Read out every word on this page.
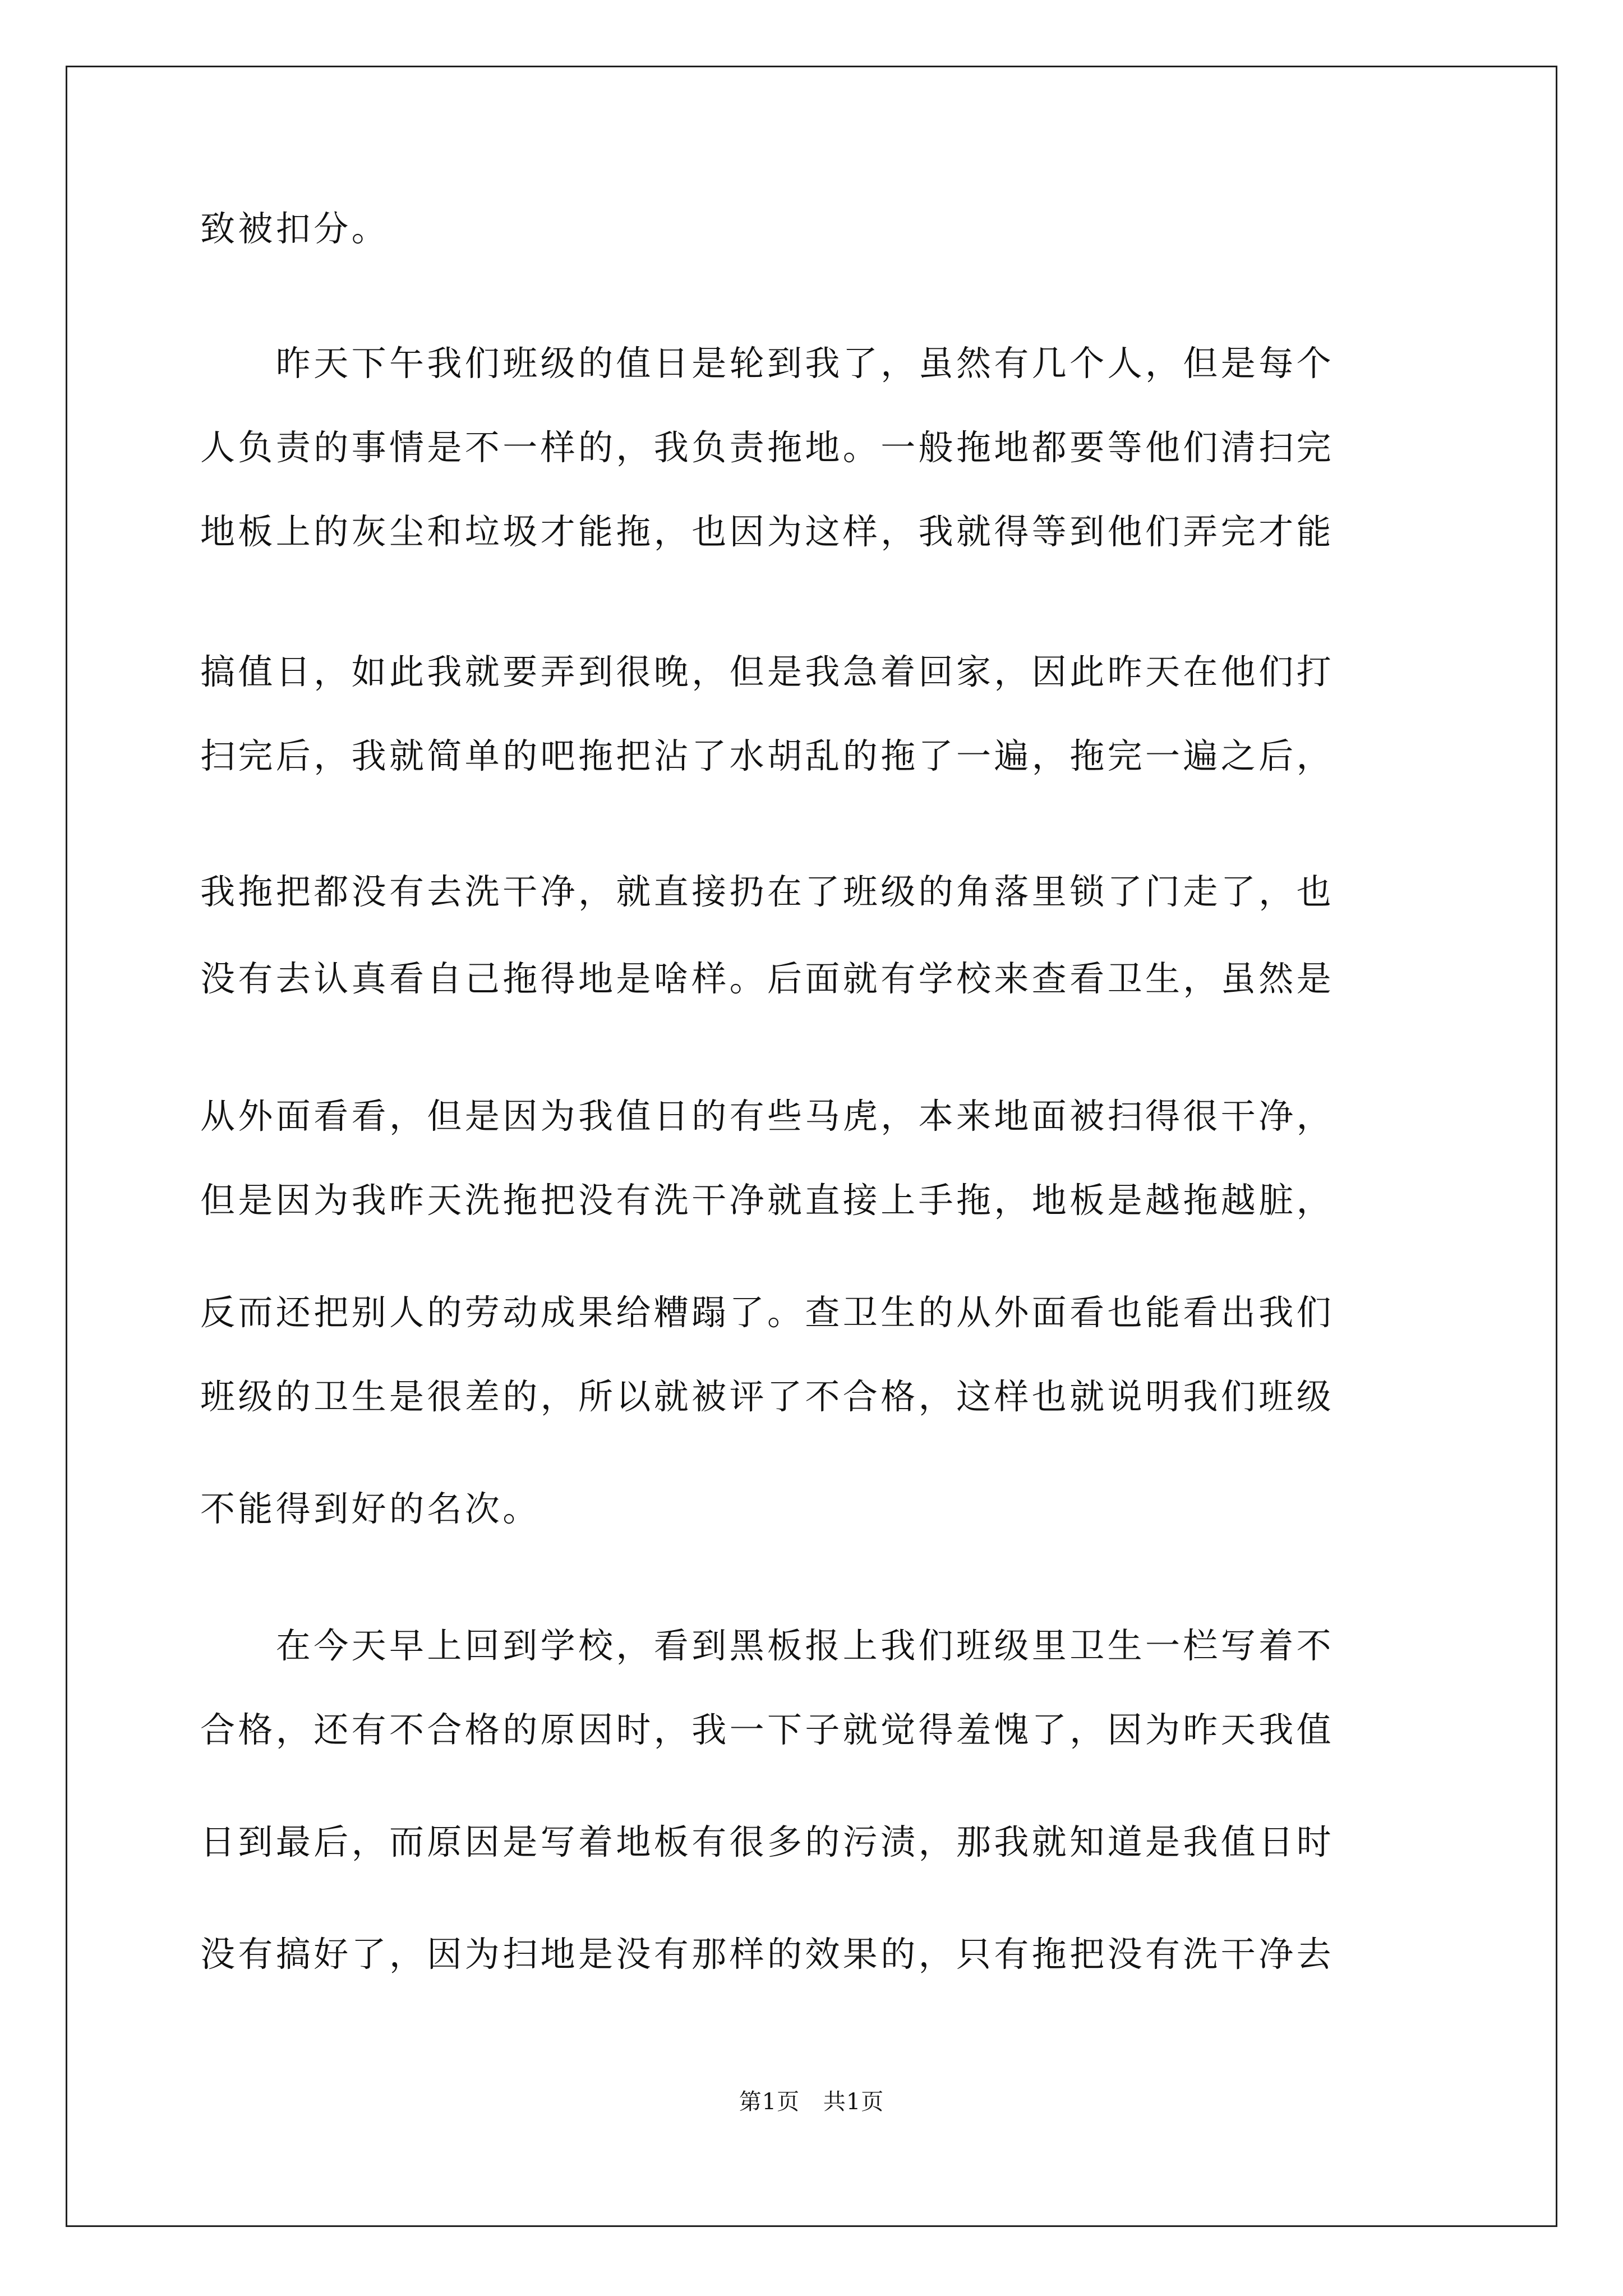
致被扣分。
　　昨天下午我们班级的值日是轮到我了，虽然有几个人，但是每个
人负责的事情是不一样的，我负责拖地。一般拖地都要等他们清扫完
地板上的灰尘和垃圾才能拖，也因为这样，我就得等到他们弄完才能
搞值日，如此我就要弄到很晚，但是我急着回家，因此昨天在他们打
扫完后，我就简单的吧拖把沾了水胡乱的拖了一遍，拖完一遍之后，
我拖把都没有去洗干净，就直接扔在了班级的角落里锁了门走了，也
没有去认真看自己拖得地是啥样。后面就有学校来查看卫生，虽然是
从外面看看，但是因为我值日的有些马虎，本来地面被扫得很干净，
但是因为我昨天洗拖把没有洗干净就直接上手拖，地板是越拖越脏，
反而还把别人的劳动成果给糟蹋了。查卫生的从外面看也能看出我们
班级的卫生是很差的，所以就被评了不合格，这样也就说明我们班级
不能得到好的名次。
　　在今天早上回到学校，看到黑板报上我们班级里卫生一栏写着不
合格，还有不合格的原因时，我一下子就觉得羞愧了，因为昨天我值
日到最后，而原因是写着地板有很多的污渍，那我就知道是我值日时
没有搞好了，因为扫地是没有那样的效果的，只有拖把没有洗干净去
第1页 共1页
